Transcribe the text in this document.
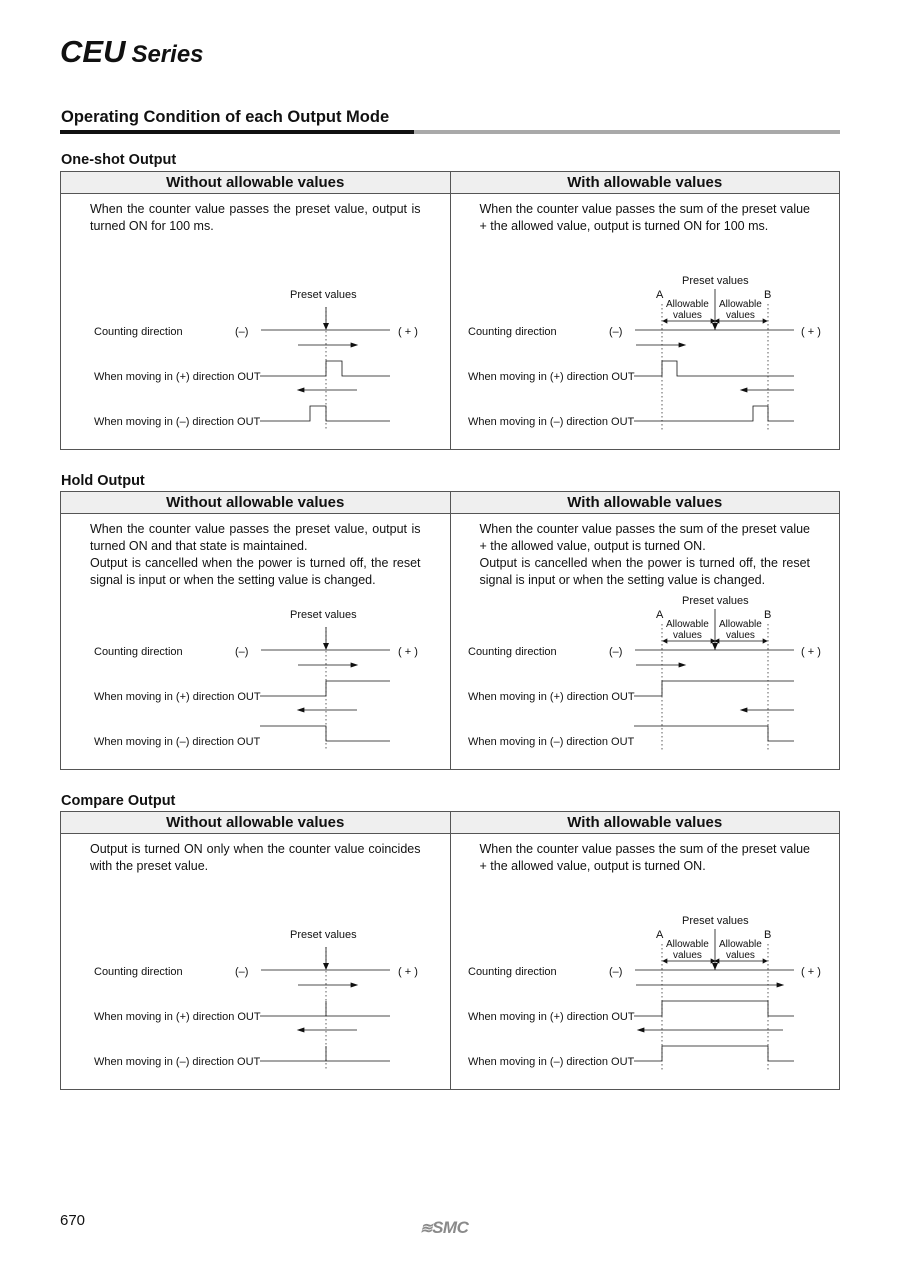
CEU Series
Operating Condition of each Output Mode
One-shot Output
Without allowable values	With allowable values
When the counter value passes the preset value, output is turned ON for 100 ms.
Preset values
Counting direction	(–)	( + )
When moving in (+) direction OUT
When moving in (–) direction OUT
When the counter value passes the sum of the preset value + the allowed value, output is turned ON for 100 ms.
Preset values
A	B
Allowable
values
Allowable
values
Counting direction	(–)	( + )
When moving in (+) direction OUT
When moving in (–) direction OUT
Hold Output
Without allowable values	With allowable values
When the counter value passes the preset value, output is turned ON and that state is maintained.
Output is cancelled when the power is turned off, the reset signal is input or when the setting value is changed.
Preset values
Counting direction	(–)	( + )
When moving in (+) direction OUT
When moving in (–) direction OUT
When the counter value passes the sum of the preset value + the allowed value, output is turned ON.
Output is cancelled when the power is turned off, the reset signal is input or when the setting value is changed.
Preset values
A	B
Allowable
values
Allowable
values
Counting direction	(–)	( + )
When moving in (+) direction OUT
When moving in (–) direction OUT
Compare Output
Without allowable values	With allowable values
Output is turned ON only when the counter value coincides with the preset value.
Preset values
Counting direction	(–)	( + )
When moving in (+) direction OUT
When moving in (–) direction OUT
When the counter value passes the sum of the preset value + the allowed value, output is turned ON.
Preset values
A	B
Allowable
values
Allowable
values
Counting direction	(–)	( + )
When moving in (+) direction OUT
When moving in (–) direction OUT
670	≋SMC
